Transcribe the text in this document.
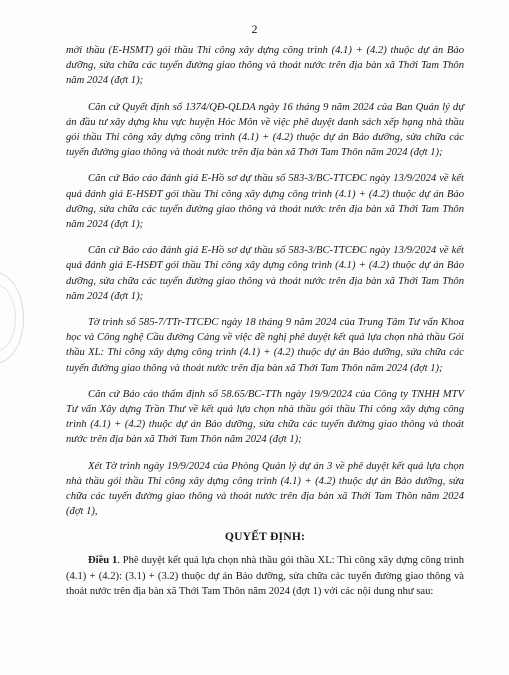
2

mời thầu (E-HSMT) gói thầu Thi công xây dựng công trình (4.1) + (4.2) thuộc dự án Bảo dưỡng, sửa chữa các tuyến đường giao thông và thoát nước trên địa bàn xã Thới Tam Thôn năm 2024 (đợt 1);

Căn cứ Quyết định số 1374/QĐ-QLDA ngày 16 tháng 9 năm 2024 của Ban Quản lý dự án đầu tư xây dựng khu vực huyện Hóc Môn về việc phê duyệt danh sách xếp hạng nhà thầu gói thầu Thi công xây dựng công trình (4.1) + (4.2) thuộc dự án Bảo dưỡng, sửa chữa các tuyến đường giao thông và thoát nước trên địa bàn xã Thới Tam Thôn năm 2024 (đợt 1);

Căn cứ Báo cáo đánh giá E-Hồ sơ dự thầu số 583-3/BC-TTCĐC ngày 13/9/2024 về kết quả đánh giá E-HSĐT gói thầu Thi công xây dựng công trình (4.1) + (4.2) thuộc dự án Bảo dưỡng, sửa chữa các tuyến đường giao thông và thoát nước trên địa bàn xã Thới Tam Thôn năm 2024 (đợt 1);

Căn cứ Báo cáo đánh giá E-Hồ sơ dự thầu số 583-3/BC-TTCĐC ngày 13/9/2024 về kết quả đánh giá E-HSĐT gói thầu Thi công xây dựng công trình (4.1) + (4.2) thuộc dự án Bảo dưỡng, sửa chữa các tuyến đường giao thông và thoát nước trên địa bàn xã Thới Tam Thôn năm 2024 (đợt 1);

Tờ trình số 585-7/TTr-TTCĐC ngày 18 tháng 9 năm 2024 của Trung Tâm Tư vấn Khoa học và Công nghệ Cầu đường Cảng về việc đề nghị phê duyệt kết quả lựa chọn nhà thầu Gói thầu XL: Thi công xây dựng công trình (4.1) + (4.2) thuộc dự án Bảo dưỡng, sửa chữa các tuyến đường giao thông và thoát nước trên địa bàn xã Thới Tam Thôn năm 2024 (đợt 1);

Căn cứ Báo cáo thẩm định số 58.65/BC-TTh ngày 19/9/2024 của Công ty TNHH MTV Tư vấn Xây dựng Trần Thư về kết quả lựa chọn nhà thầu gói thầu Thi công xây dựng công trình (4.1) + (4.2) thuộc dự án Bảo dưỡng, sửa chữa các tuyến đường giao thông và thoát nước trên địa bàn xã Thới Tam Thôn năm 2024 (đợt 1);

Xét Tờ trình ngày 19/9/2024 của Phòng Quản lý dự án 3 về phê duyệt kết quả lựa chọn nhà thầu gói thầu Thi công xây dựng công trình (4.1) + (4.2) thuộc dự án Bảo dưỡng, sửa chữa các tuyến đường giao thông và thoát nước trên địa bàn xã Thới Tam Thôn năm 2024 (đợt 1),

QUYẾT ĐỊNH:

Điều 1. Phê duyệt kết quả lựa chọn nhà thầu gói thầu XL: Thi công xây dựng công trình (4.1) + (4.2): (3.1) + (3.2) thuộc dự án Bảo dưỡng, sửa chữa các tuyến đường giao thông và thoát nước trên địa bàn xã Thới Tam Thôn năm 2024 (đợt 1) với các nội dung như sau:
